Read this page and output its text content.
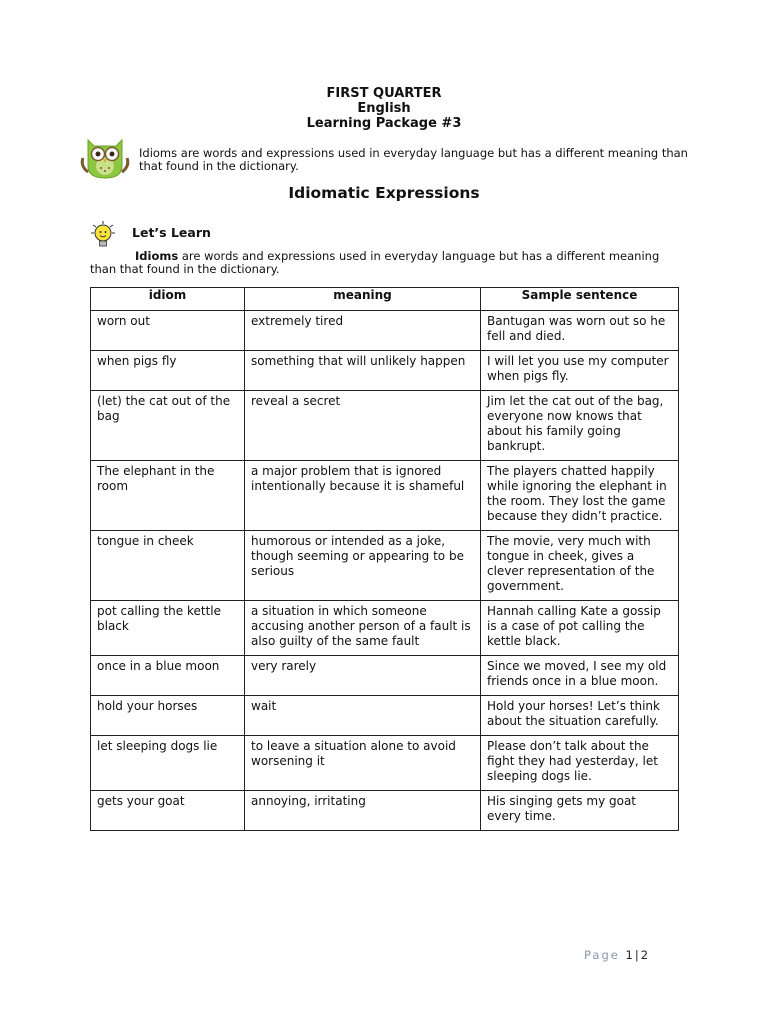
FIRST QUARTER
English
Learning Package #3
Idioms are words and expressions used in everyday language but has a different meaning than that found in the dictionary.
Idiomatic Expressions
Let’s Learn
Idioms are words and expressions used in everyday language but has a different meaning than that found in the dictionary.
idiom	meaning	Sample sentence
worn out	extremely tired	Bantugan was worn out so he fell and died.
when pigs fly	something that will unlikely happen	I will let you use my computer when pigs fly.
(let) the cat out of the bag	reveal a secret	Jim let the cat out of the bag, everyone now knows that about his family going bankrupt.
The elephant in the room	a major problem that is ignored intentionally because it is shameful	The players chatted happily while ignoring the elephant in the room. They lost the game because they didn’t practice.
tongue in cheek	humorous or intended as a joke, though seeming or appearing to be serious	The movie, very much with tongue in cheek, gives a clever representation of the government.
pot calling the kettle black	a situation in which someone accusing another person of a fault is also guilty of the same fault	Hannah calling Kate a gossip is a case of pot calling the kettle black.
once in a blue moon	very rarely	Since we moved, I see my old friends once in a blue moon.
hold your horses	wait	Hold your horses! Let’s think about the situation carefully.
let sleeping dogs lie	to leave a situation alone to avoid worsening it	Please don’t talk about the fight they had yesterday, let sleeping dogs lie.
gets your goat	annoying, irritating	His singing gets my goat every time.
Page 1 | 2
